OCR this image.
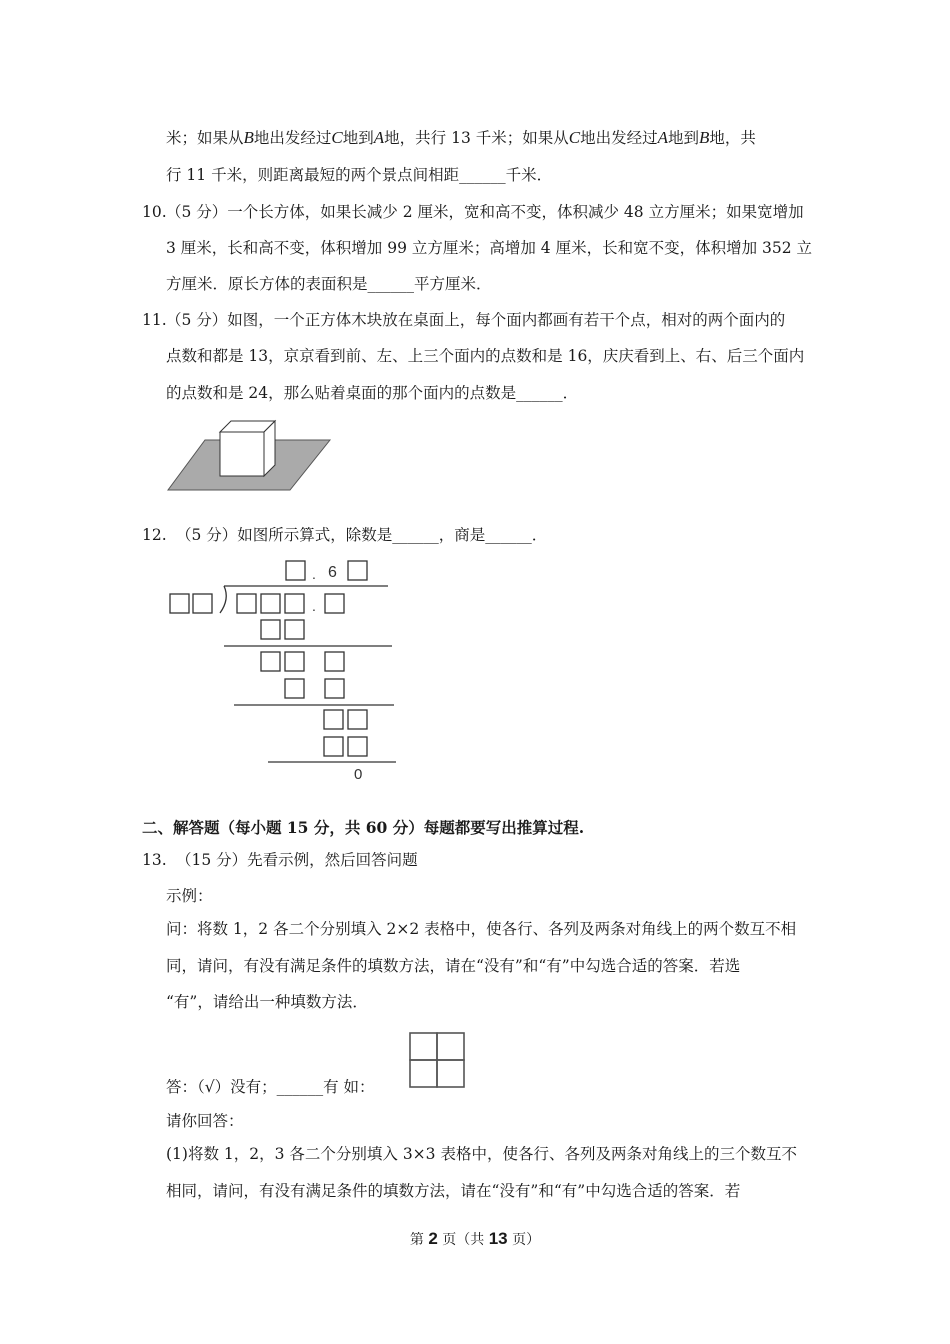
米；如果从B地出发经过C地到A地，共行 13 千米；如果从C地出发经过A地到B地，共
行 11 千米，则距离最短的两个景点间相距______千米．
10. （5 分）一个长方体，如果长减少 2 厘米，宽和高不变，体积减少 48 立方厘米；如果宽增加
3 厘米，长和高不变，体积增加 99 立方厘米；高增加 4 厘米，长和宽不变，体积增加 352 立
方厘米．原长方体的表面积是______平方厘米．
11. （5 分）如图，一个正方体木块放在桌面上，每个面内都画有若干个点，相对的两个面内的
点数和都是 13，京京看到前、左、上三个面内的点数和是 16，庆庆看到上、右、后三个面内
的点数和是 24，那么贴着桌面的那个面内的点数是______．
12. （5 分）如图所示算式，除数是______，商是______．
. 6
.
0
二、解答题（每小题 15 分，共 60 分）每题都要写出推算过程.
13. （15 分）先看示例，然后回答问题
示例：
问：将数 1，2 各二个分别填入 2×2 表格中，使各行、各列及两条对角线上的两个数互不相
同，请问，有没有满足条件的填数方法，请在“没有”和“有”中勾选合适的答案．若选
“有”，请给出一种填数方法．
答：（√）没有；______有 如：
请你回答：
(1)将数 1，2，3 各二个分别填入 3×3 表格中，使各行、各列及两条对角线上的三个数互不
相同，请问，有没有满足条件的填数方法，请在“没有”和“有”中勾选合适的答案．若
第 2 页（共 13 页）
